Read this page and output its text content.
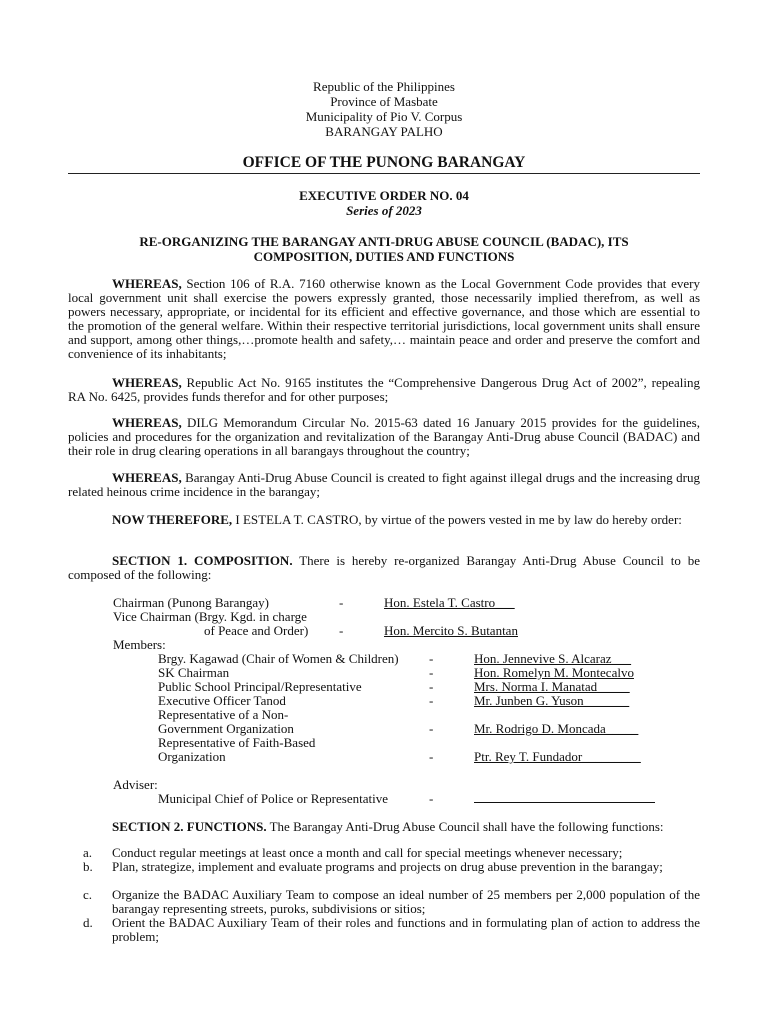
Republic of the Philippines
Province of Masbate
Municipality of Pio V. Corpus
BARANGAY PALHO
OFFICE OF THE PUNONG BARANGAY
EXECUTIVE ORDER NO. 04
Series of 2023
RE-ORGANIZING THE BARANGAY ANTI-DRUG ABUSE COUNCIL (BADAC), ITS
COMPOSITION, DUTIES AND FUNCTIONS
WHEREAS, Section 106 of R.A. 7160 otherwise known as the Local Government Code provides that every local government unit shall exercise the powers expressly granted, those necessarily implied therefrom, as well as powers necessary, appropriate, or incidental for its efficient and effective governance, and those which are essential to the promotion of the general welfare. Within their respective territorial jurisdictions, local government units shall ensure and support, among other things,…promote health and safety,… maintain peace and order and preserve the comfort and convenience of its inhabitants;
WHEREAS, Republic Act No. 9165 institutes the “Comprehensive Dangerous Drug Act of 2002”, repealing RA No. 6425, provides funds therefor and for other purposes;
WHEREAS, DILG Memorandum Circular No. 2015-63 dated 16 January 2015 provides for the guidelines, policies and procedures for the organization and revitalization of the Barangay Anti-Drug abuse Council (BADAC) and their role in drug clearing operations in all barangays throughout the country;
WHEREAS, Barangay Anti-Drug Abuse Council is created to fight against illegal drugs and the increasing drug related heinous crime incidence in the barangay;
NOW THEREFORE, I ESTELA T. CASTRO, by virtue of the powers vested in me by law do hereby order:
SECTION 1. COMPOSITION. There is hereby re-organized Barangay Anti-Drug Abuse Council to be composed of the following:
Chairman (Punong Barangay)	-	Hon. Estela T. Castro___
Vice Chairman (Brgy. Kgd. in charge
of Peace and Order) -	Hon. Mercito S. Butantan
Members:
Brgy. Kagawad (Chair of Women & Children) -	Hon. Jennevive S. Alcaraz___
SK Chairman	-	Hon. Romelyn M. Montecalvo
Public School Principal/Representative	-	Mrs. Norma I. Manatad_____
Executive Officer Tanod	-	Mr. Junben G. Yuson_______
Representative of a Non-
Government Organization	-	Mr. Rodrigo D. Moncada_____
Representative of Faith-Based
Organization	-	Ptr. Rey T. Fundador_________
Adviser:
Municipal Chief of Police or Representative	-
SECTION 2. FUNCTIONS. The Barangay Anti-Drug Abuse Council shall have the following functions:
a. Conduct regular meetings at least once a month and call for special meetings whenever necessary;
b. Plan, strategize, implement and evaluate programs and projects on drug abuse prevention in the barangay;
c. Organize the BADAC Auxiliary Team to compose an ideal number of 25 members per 2,000 population of the barangay representing streets, puroks, subdivisions or sitios;
d. Orient the BADAC Auxiliary Team of their roles and functions and in formulating plan of action to address the problem;
